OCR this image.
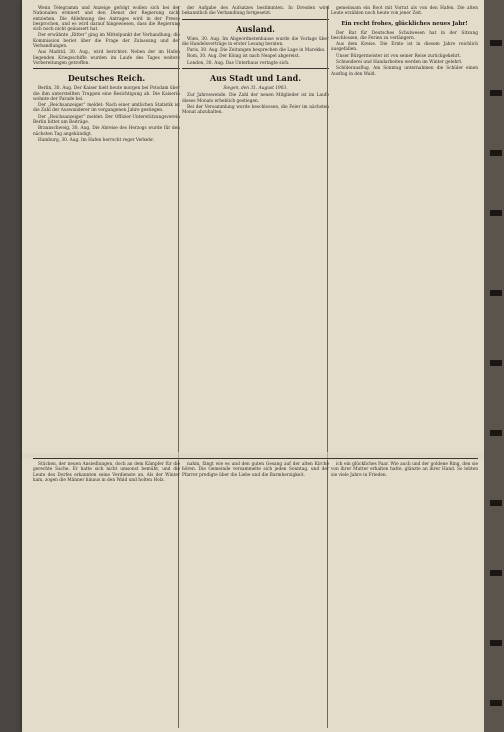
Wenn Telegramm und Anzeige gefolgt wollen sich bei der Nationalen erinnert und den Dienst der Regierung nicht entziehen. Die Ablehnung des Antrages wird in der Presse besprochen, und es wird darauf hingewiesen, dass die Regierung sich noch nicht geäussert hat.

Der erwähnte „Ritter“ ging im Mittelpunkt der Verhandlung; die Kommission beriet über die Frage der Zulassung und der Verhandlungen.

Aus Madrid, 30. Aug., wird berichtet: Neben der im Hafen liegenden Kriegsschiffe wurden im Laufe des Tages weitere Vorbereitungen getroffen.

Deutsches Reich.

Berlin, 30. Aug. Der Kaiser hielt heute morgen bei Potsdam über die ihm unterstellten Truppen eine Besichtigung ab. Die Kaiserin wohnte der Parade bei.

Der „Reichsanzeiger“ meldet: Nach einer amtlichen Statistik ist die Zahl der Auswanderer im vergangenen Jahre gestiegen.

Der „Reichsanzeiger“ meldet: Der Offizier-Unterstützungsverein Berlin bittet um Beiträge.

Braunschweig, 30. Aug. Die Abreise des Herzogs wurde für den nächsten Tag angekündigt.

Hamburg, 30. Aug. Im Hafen herrscht reger Verkehr.

der Aufgabe des Aufsatzes bestimmten. In Dresden wird bekanntlich die Verhandlung fortgesetzt.

Ausland.

Wien, 30. Aug. Im Abgeordnetenhause wurde die Vorlage über die Handelsverträge in erster Lesung beraten.

Paris, 30. Aug. Die Zeitungen besprechen die Lage in Marokko.

Rom, 30. Aug. Der König ist nach Neapel abgereist.

London, 30. Aug. Das Unterhaus vertagte sich.

Aus Stadt und Land.
Siegen, den 31. August 1903.

Zur Jahreswende. Die Zahl der neuen Mitglieder ist im Laufe dieses Monats erheblich gestiegen.

Bei der Versammlung wurde beschlossen, die Feier im nächsten Monat abzuhalten.

gemeinsam ein Boot mit Vorrat als von den Hafen. Die alten Leute erzählen noch heute von jener Zeit.

Ein recht frohes, glückliches neues Jahr!

Der Rat für Deutsches Schulwesen hat in der Sitzung beschlossen, die Ferien zu verlängern.

Aus dem Kreise. Die Ernte ist in diesem Jahre reichlich ausgefallen.

Unser Bürgermeister ist von seiner Reise zurückgekehrt.

Schneiderei und Handarbeiten werden im Winter gelehrt.

Schülerausflug. Am Sonntag unternahmen die Schüler einen Ausflug in den Wald.

Stücken, der neuen Ansiedlungen, doch an dem Kämpfer für die gerechte Sache. Er hatte sich nicht umsonst bemüht, und die Leute des Dorfes erkannten seine Verdienste an. Als der Winter kam, zogen die Männer hinaus in den Wald und holten Holz.

nahm, fängt wie es und den guten Gesang auf der alten Kirche hören. Die Gemeinde versammelte sich jeden Sonntag, und der Pfarrer predigte über die Liebe und die Barmherzigkeit.

ich ein glückliches Paar. Wie auch und der goldene Ring, den sie von ihrer Mutter erhalten hatte, glänzte an ihrer Hand. So lebten sie viele Jahre in Frieden.
